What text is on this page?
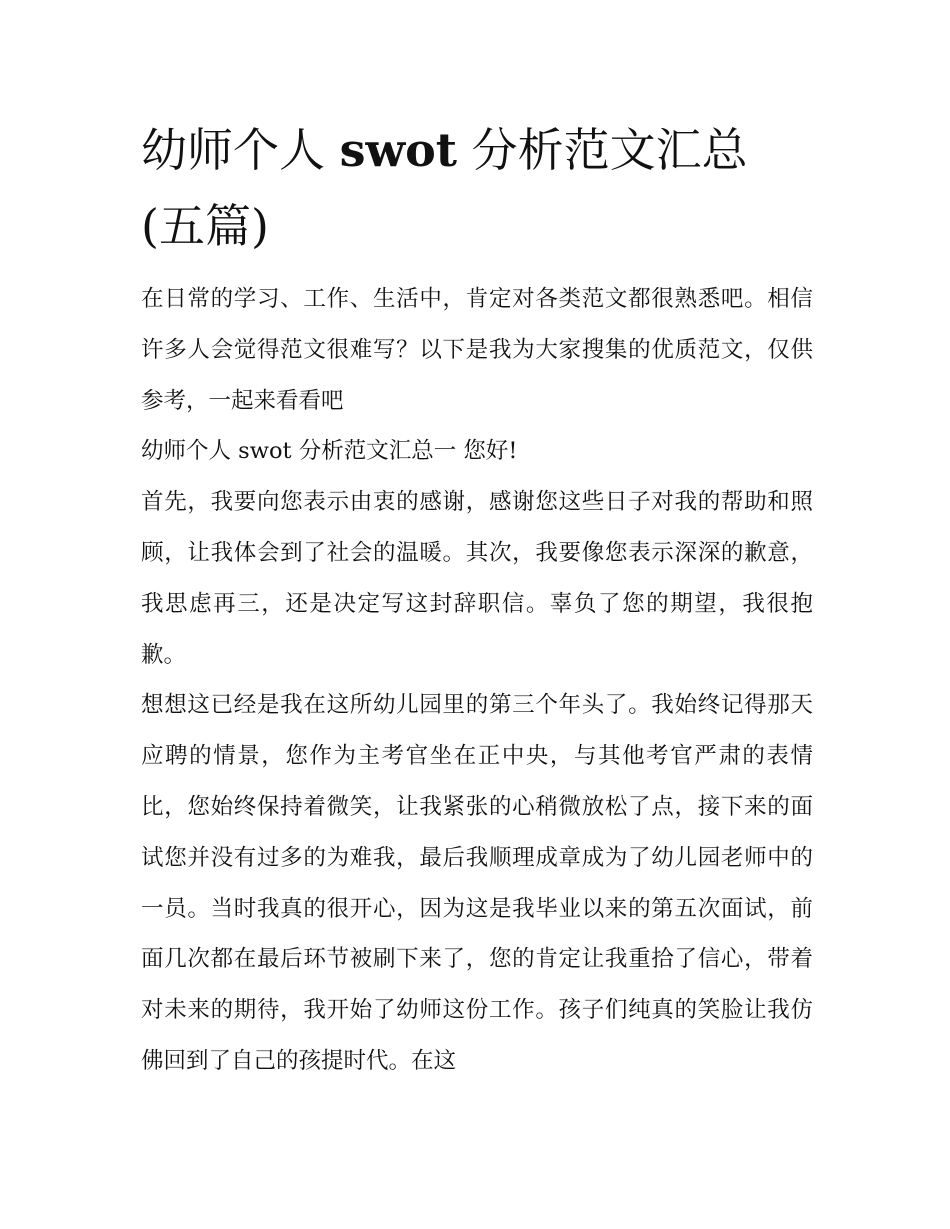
幼师个人 swot 分析范文汇总
(五篇)

在日常的学习、工作、生活中，肯定对各类范文都很熟悉吧。相信许多人会觉得范文很难写？以下是我为大家搜集的优质范文，仅供参考，一起来看看吧

幼师个人 swot 分析范文汇总一 您好!

首先，我要向您表示由衷的感谢，感谢您这些日子对我的帮助和照顾，让我体会到了社会的温暖。其次，我要像您表示深深的歉意，我思虑再三，还是决定写这封辞职信。辜负了您的期望，我很抱歉。

想想这已经是我在这所幼儿园里的第三个年头了。我始终记得那天应聘的情景，您作为主考官坐在正中央，与其他考官严肃的表情比，您始终保持着微笑，让我紧张的心稍微放松了点，接下来的面试您并没有过多的为难我，最后我顺理成章成为了幼儿园老师中的一员。当时我真的很开心，因为这是我毕业以来的第五次面试，前面几次都在最后环节被刷下来了，您的肯定让我重拾了信心，带着对未来的期待，我开始了幼师这份工作。孩子们纯真的笑脸让我仿佛回到了自己的孩提时代。在这
